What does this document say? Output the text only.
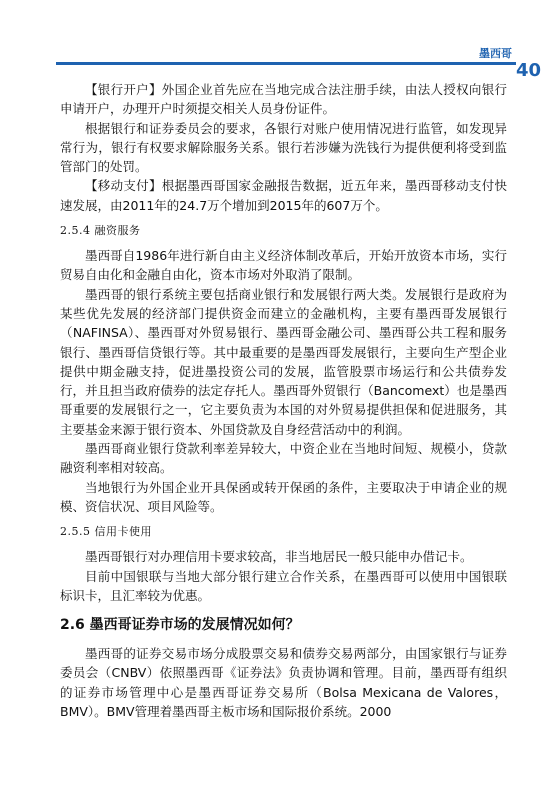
墨西哥
40

【银行开户】外国企业首先应在当地完成合法注册手续，由法人授权向银行申请开户，办理开户时须提交相关人员身份证件。

根据银行和证券委员会的要求，各银行对账户使用情况进行监管，如发现异常行为，银行有权要求解除服务关系。银行若涉嫌为洗钱行为提供便利将受到监管部门的处罚。

【移动支付】根据墨西哥国家金融报告数据，近五年来，墨西哥移动支付快速发展，由2011年的24.7万个增加到2015年的607万个。

2.5.4 融资服务

墨西哥自1986年进行新自由主义经济体制改革后，开始开放资本市场，实行贸易自由化和金融自由化，资本市场对外取消了限制。

墨西哥的银行系统主要包括商业银行和发展银行两大类。发展银行是政府为某些优先发展的经济部门提供资金而建立的金融机构，主要有墨西哥发展银行（NAFINSA）、墨西哥对外贸易银行、墨西哥金融公司、墨西哥公共工程和服务银行、墨西哥信贷银行等。其中最重要的是墨西哥发展银行，主要向生产型企业提供中期金融支持，促进墨投资公司的发展，监管股票市场运行和公共债券发行，并且担当政府债券的法定存托人。墨西哥外贸银行（Bancomext）也是墨西哥重要的发展银行之一，它主要负责为本国的对外贸易提供担保和促进服务，其主要基金来源于银行资本、外国贷款及自身经营活动中的利润。

墨西哥商业银行贷款利率差异较大，中资企业在当地时间短、规模小，贷款融资利率相对较高。

当地银行为外国企业开具保函或转开保函的条件，主要取决于申请企业的规模、资信状况、项目风险等。

2.5.5 信用卡使用

墨西哥银行对办理信用卡要求较高，非当地居民一般只能申办借记卡。

目前中国银联与当地大部分银行建立合作关系，在墨西哥可以使用中国银联标识卡，且汇率较为优惠。

2.6 墨西哥证券市场的发展情况如何？

墨西哥的证券交易市场分成股票交易和债券交易两部分，由国家银行与证券委员会（CNBV）依照墨西哥《证券法》负责协调和管理。目前，墨西哥有组织的证券市场管理中心是墨西哥证券交易所（Bolsa Mexicana de Valores，BMV）。BMV管理着墨西哥主板市场和国际报价系统。2000
